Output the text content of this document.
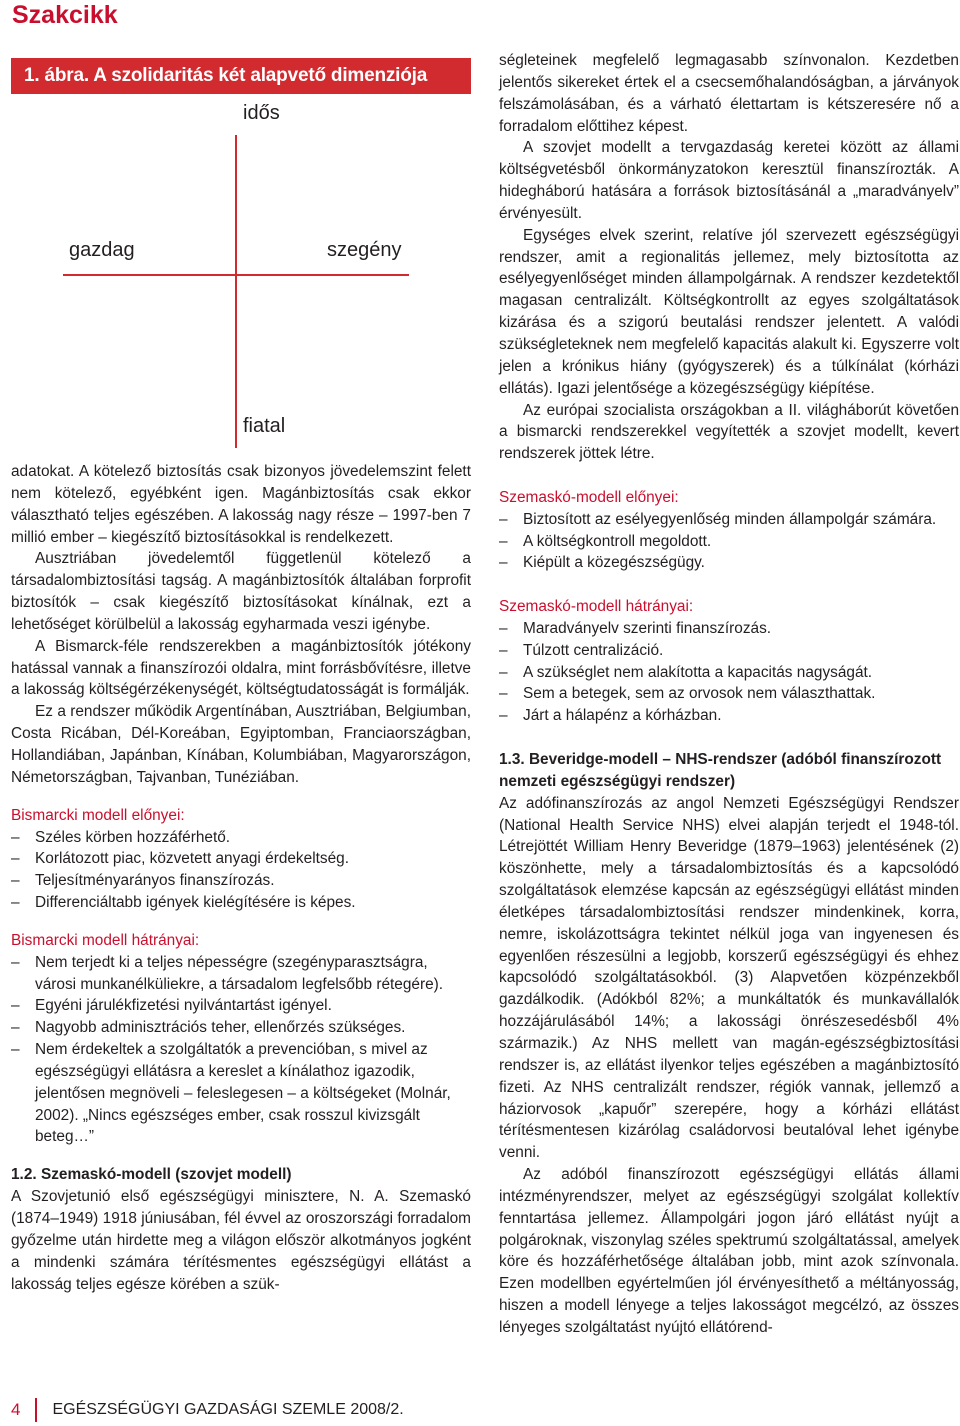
Szakcikk
1. ábra. A szolidaritás két alapvető dimenziója
idős
gazdag	szegény
fiatal

adatokat. A kötelező biztosítás csak bizonyos jövedelemszint felett nem kötelező, egyébként igen. Magánbiztosítás csak ekkor választható teljes egészében. A lakosság nagy része – 1997-ben 7 millió ember – kiegészítő biztosításokkal is rendelkezett.

Ausztriában jövedelemtől függetlenül kötelező a társadalombiztosítási tagság. A magánbiztosítók általában forprofit biztosítók – csak kiegészítő biztosításokat kínálnak, ezt a lehetőséget körülbelül a lakosság egyharmada veszi igénybe.

A Bismarck-féle rendszerekben a magánbiztosítók jótékony hatással vannak a finanszírozói oldalra, mint forrásbővítésre, illetve a lakosság költségérzékenységét, költségtudatosságát is formálják.

Ez a rendszer működik Argentínában, Ausztriában, Belgiumban, Costa Ricában, Dél-Koreában, Egyiptomban, Franciaországban, Hollandiában, Japánban, Kínában, Kolumbiában, Magyarországon, Németországban, Tajvanban, Tunéziában.

Bismarcki modell előnyei:

– Széles körben hozzáférhető.
– Korlátozott piac, közvetett anyagi érdekeltség.
– Teljesítményarányos finanszírozás.
– Differenciáltabb igények kielégítésére is képes.

Bismarcki modell hátrányai:

– Nem terjedt ki a teljes népességre (szegényparasztságra, városi munkanélküliekre, a társadalom legfelsőbb rétegére).
– Egyéni járulékfizetési nyilvántartást igényel.
– Nagyobb adminisztrációs teher, ellenőrzés szükséges.
– Nem érdekeltek a szolgáltatók a prevencióban, s mivel az egészségügyi ellátásra a kereslet a kínálathoz igazodik, jelentősen megnöveli – feleslegesen – a költségeket (Molnár, 2002). „Nincs egészséges ember, csak rosszul kivizsgált beteg…”
1.2. Szemaskó-modell (szovjet modell)

A Szovjetunió első egészségügyi minisztere, N. A. Szemaskó (1874–1949) 1918 júniusában, fél évvel az oroszországi forradalom győzelme után hirdette meg a világon először alkotmányos jogként a mindenki számára térítésmentes egészségügyi ellátást a lakosság teljes egésze körében a szük-

ségleteinek megfelelő legmagasabb színvonalon. Kezdetben jelentős sikereket értek el a csecsemőhalandóságban, a járványok felszámolásában, és a várható élettartam is kétszeresére nő a forradalom előttihez képest.

A szovjet modellt a tervgazdaság keretei között az állami költségvetésből önkormányzatokon keresztül finanszírozták. A hidegháború hatására a források biztosításánál a „maradványelv” érvényesült.

Egységes elvek szerint, relatíve jól szervezett egészségügyi rendszer, amit a regionalitás jellemez, mely biztosította az esélyegyenlőséget minden állampolgárnak. A rendszer kezdetektől magasan centralizált. Költségkontrollt az egyes szolgáltatások kizárása és a szigorú beutalási rendszer jelentett. A valódi szükségleteknek nem megfelelő kapacitás alakult ki. Egyszerre volt jelen a krónikus hiány (gyógyszerek) és a túlkínálat (kórházi ellátás). Igazi jelentősége a közegészségügy kiépítése.

Az európai szocialista országokban a II. világháborút követően a bismarcki rendszerekkel vegyítették a szovjet modellt, kevert rendszerek jöttek létre.

Szemaskó-modell előnyei:

– Biztosított az esélyegyenlőség minden állampolgár számára.
– A költségkontroll megoldott.
– Kiépült a közegészségügy.

Szemaskó-modell hátrányai:

– Maradványelv szerinti finanszírozás.
– Túlzott centralizáció.
– A szükséglet nem alakította a kapacitás nagyságát.
– Sem a betegek, sem az orvosok nem választhattak.
– Járt a hálapénz a kórházban.
1.3. Beveridge-modell – NHS-rendszer (adóból finanszírozott nemzeti egészségügyi rendszer)

Az adófinanszírozás az angol Nemzeti Egészségügyi Rendszer (National Health Service NHS) elvei alapján terjedt el 1948-tól. Létrejöttét William Henry Beveridge (1879–1963) jelentésének (2) köszönhette, mely a társadalombiztosítás és a kapcsolódó szolgáltatások elemzése kapcsán az egészségügyi ellátást minden életképes társadalombiztosítási rendszer mindenkinek, korra, nemre, iskolázottságra tekintet nélkül joga van ingyenesen és egyenlően részesülni a legjobb, korszerű egészségügyi és ehhez kapcsolódó szolgáltatásokból. (3) Alapvetően közpénzekből gazdálkodik. (Adókból 82%; a munkáltatók és munkavállalók hozzájárulásából 14%; a lakossági önrészesedésből 4% származik.) Az NHS mellett van magán-egészségbiztosítási rendszer is, az ellátást ilyenkor teljes egészében a magánbiztosító fizeti. Az NHS centralizált rendszer, régiók vannak, jellemző a háziorvosok „kapuőr” szerepére, hogy a kórházi ellátást térítésmentesen kizárólag családorvosi beutalóval lehet igénybe venni.

Az adóból finanszírozott egészségügyi ellátás állami intézményrendszer, melyet az egészségügyi szolgálat kollektív fenntartása jellemez. Állampolgári jogon járó ellátást nyújt a polgároknak, viszonylag széles spektrumú szolgáltatással, amelyek köre és hozzáférhetősége általában jobb, mint azok színvonala. Ezen modellben egyértelműen jól érvényesíthető a méltányosság, hiszen a modell lényege a teljes lakosságot megcélzó, az összes lényeges szolgáltatást nyújtó ellátórend-

4 EGÉSZSÉGÜGYI GAZDASÁGI SZEMLE 2008/2.
